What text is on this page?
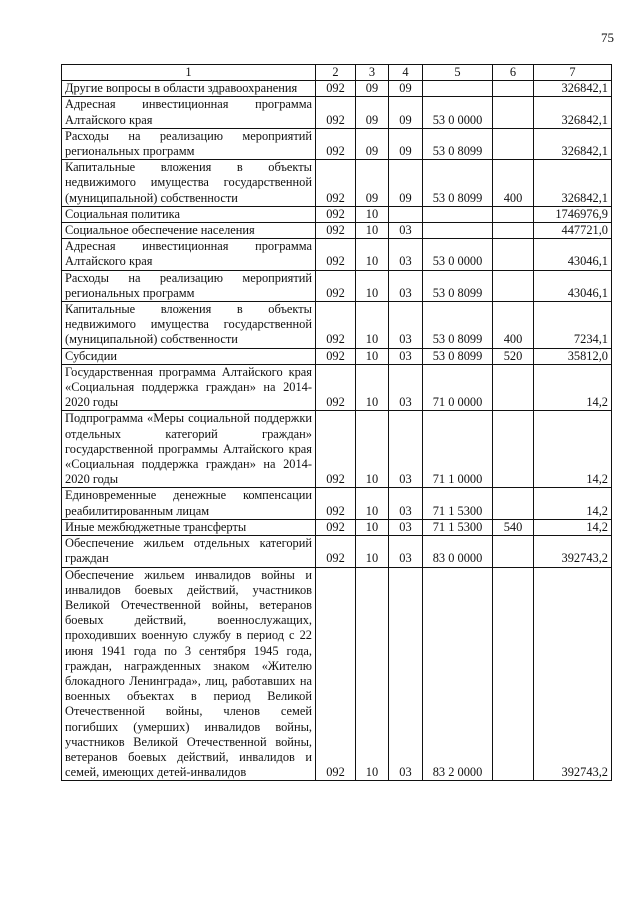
75
1	2	3	4	5	6	7
Другие вопросы в области здравоохранения	092	09	09			326842,1
Адресная инвестиционная программа Алтайского края	092	09	09	53 0 0000		326842,1
Расходы на реализацию мероприятий региональных программ	092	09	09	53 0 8099		326842,1
Капитальные вложения в объекты недвижимого имущества государственной (муниципальной) собственности	092	09	09	53 0 8099	400	326842,1
Социальная политика	092	10				1746976,9
Социальное обеспечение населения	092	10	03			447721,0
Адресная инвестиционная программа Алтайского края	092	10	03	53 0 0000		43046,1
Расходы на реализацию мероприятий региональных программ	092	10	03	53 0 8099		43046,1
Капитальные вложения в объекты недвижимого имущества государственной (муниципальной) собственности	092	10	03	53 0 8099	400	7234,1
Субсидии	092	10	03	53 0 8099	520	35812,0
Государственная программа Алтайского края «Социальная поддержка граждан» на 2014-2020 годы	092	10	03	71 0 0000		14,2
Подпрограмма «Меры социальной поддержки отдельных категорий граждан» государственной программы Алтайского края «Социальная поддержка граждан» на 2014-2020 годы	092	10	03	71 1 0000		14,2
Единовременные денежные компенсации реабилитированным лицам	092	10	03	71 1 5300		14,2
Иные межбюджетные трансферты	092	10	03	71 1 5300	540	14,2
Обеспечение жильем отдельных категорий граждан	092	10	03	83 0 0000		392743,2
Обеспечение жильем инвалидов войны и инвалидов боевых действий, участников Великой Отечественной войны, ветеранов боевых действий, военнослужащих, проходивших военную службу в период с 22 июня 1941 года по 3 сентября 1945 года, граждан, награжденных знаком «Жителю блокадного Ленинграда», лиц, работавших на военных объектах в период Великой Отечественной войны, членов семей погибших (умерших) инвалидов войны, участников Великой Отечественной войны, ветеранов боевых действий, инвалидов и семей, имеющих детей-инвалидов	092	10	03	83 2 0000		392743,2
